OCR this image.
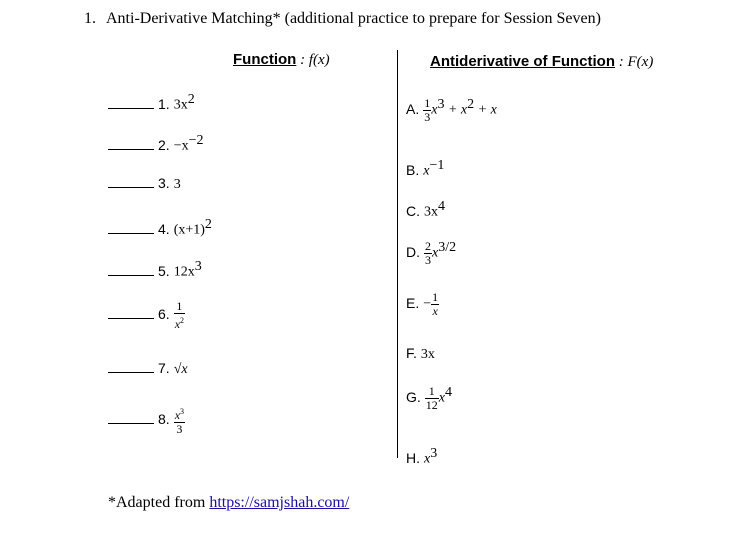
1. Anti-Derivative Matching* (additional practice to prepare for Session Seven)
Function : f(x)	Antiderivative of Function : F(x)
1. $3x^2$
2. $-x^{-2}$
3. 3
4. $(x+1)^2$
5. $12x^3$
6. $\frac{1}{x^2}$
7. √x
8. $\frac{x^3}{3}$
A. $\frac{1}{3} x^3 + x^2 + x$
B. $x^{-1}$
C. $3x^4$
D. $\frac{2}{3} x^{3/2}$
E. − $\frac{1}{x}$
F. 3x
G. $\frac{1}{12} x^4$
H. $x^3$
*Adapted from https://samjshah.com/
